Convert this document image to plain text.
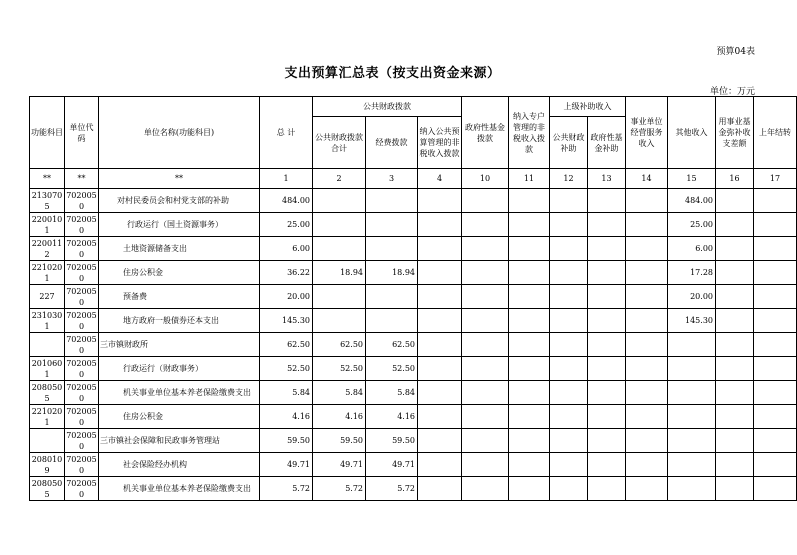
预算04表
支出预算汇总表（按支出资金来源）
单位：万元
功能科目	单位代码	单位名称(功能科目)	总 计	公共财政拨款			政府性基金拨款	纳入专户管理的非税收入拨款	上级补助收入		事业单位经营服务收入	其他收入	用事业基金弥补收支差额	上年结转
				公共财政拨款合计	经费拨款	纳入公共预算管理的非税收入拨款			公共财政补助	政府性基金补助				
**	**	**	1	2	3	4	10	11	12	13	14	15	16	17
2130705	7020050	对村民委员会和村党支部的补助	484.00									484.00		
2200101	7020050	行政运行（国土资源事务）	25.00									25.00		
2200112	7020050	土地资源储备支出	6.00									6.00		
2210201	7020050	住房公积金	36.22	18.94	18.94							17.28		
227	7020050	预备费	20.00									20.00		
2310301	7020050	地方政府一般债券还本支出	145.30									145.30		
	7020050	三市镇财政所	62.50	62.50	62.50									
2010601	7020050	行政运行（财政事务）	52.50	52.50	52.50									
2080505	7020050	机关事业单位基本养老保险缴费支出	5.84	5.84	5.84									
2210201	7020050	住房公积金	4.16	4.16	4.16									
	7020050	三市镇社会保障和民政事务管理站	59.50	59.50	59.50									
2080109	7020050	社会保险经办机构	49.71	49.71	49.71									
2080505	7020050	机关事业单位基本养老保险缴费支出	5.72	5.72	5.72									
